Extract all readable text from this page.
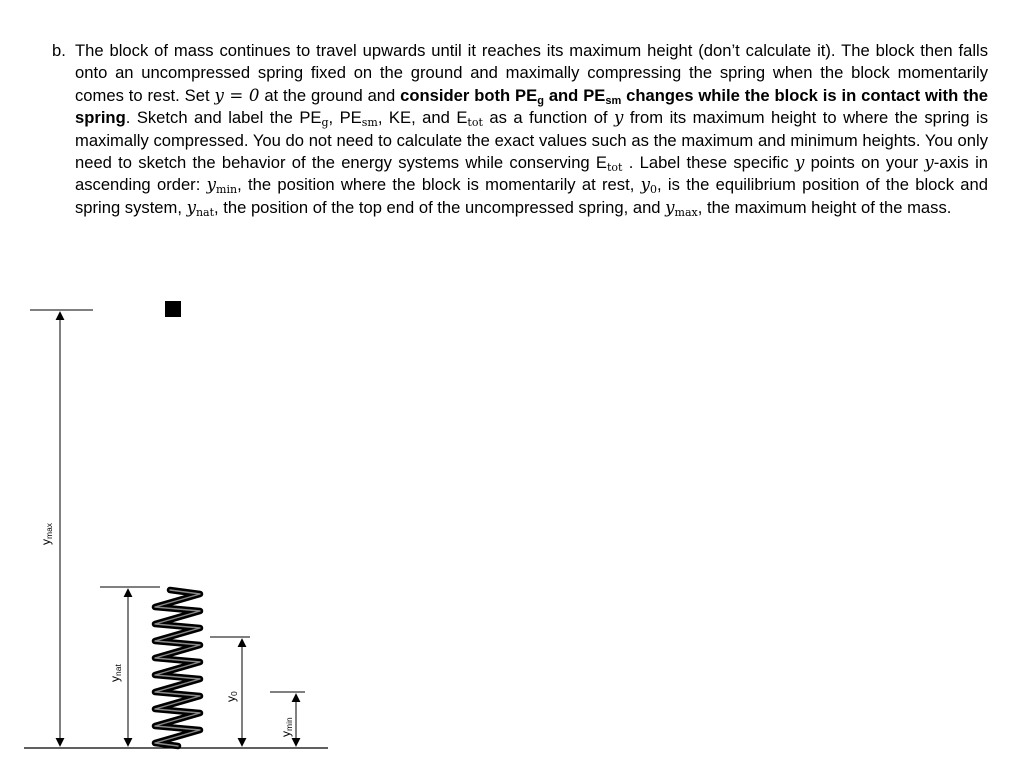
b. The block of mass continues to travel upwards until it reaches its maximum height (don’t calculate it). The block then falls onto an uncompressed spring fixed on the ground and maximally compressing the spring when the block momentarily comes to rest. Set y = 0 at the ground and consider both $PE_g$ and $PE_{sm}$ changes while the block is in contact with the spring. Sketch and label the PEg, PEsm, KE, and Etot as a function of y from its maximum height to where the spring is maximally compressed. You do not need to calculate the exact values such as the maximum and minimum heights. You only need to sketch the behavior of the energy systems while conserving Etot . Label these specific y points on your y-axis in ascending order: ymin, the position where the block is momentarily at rest, y0, is the equilibrium position of the block and spring system, ynat, the position of the top end of the uncompressed spring, and ymax, the maximum height of the mass.

ymax
ynat
y0
ymin
